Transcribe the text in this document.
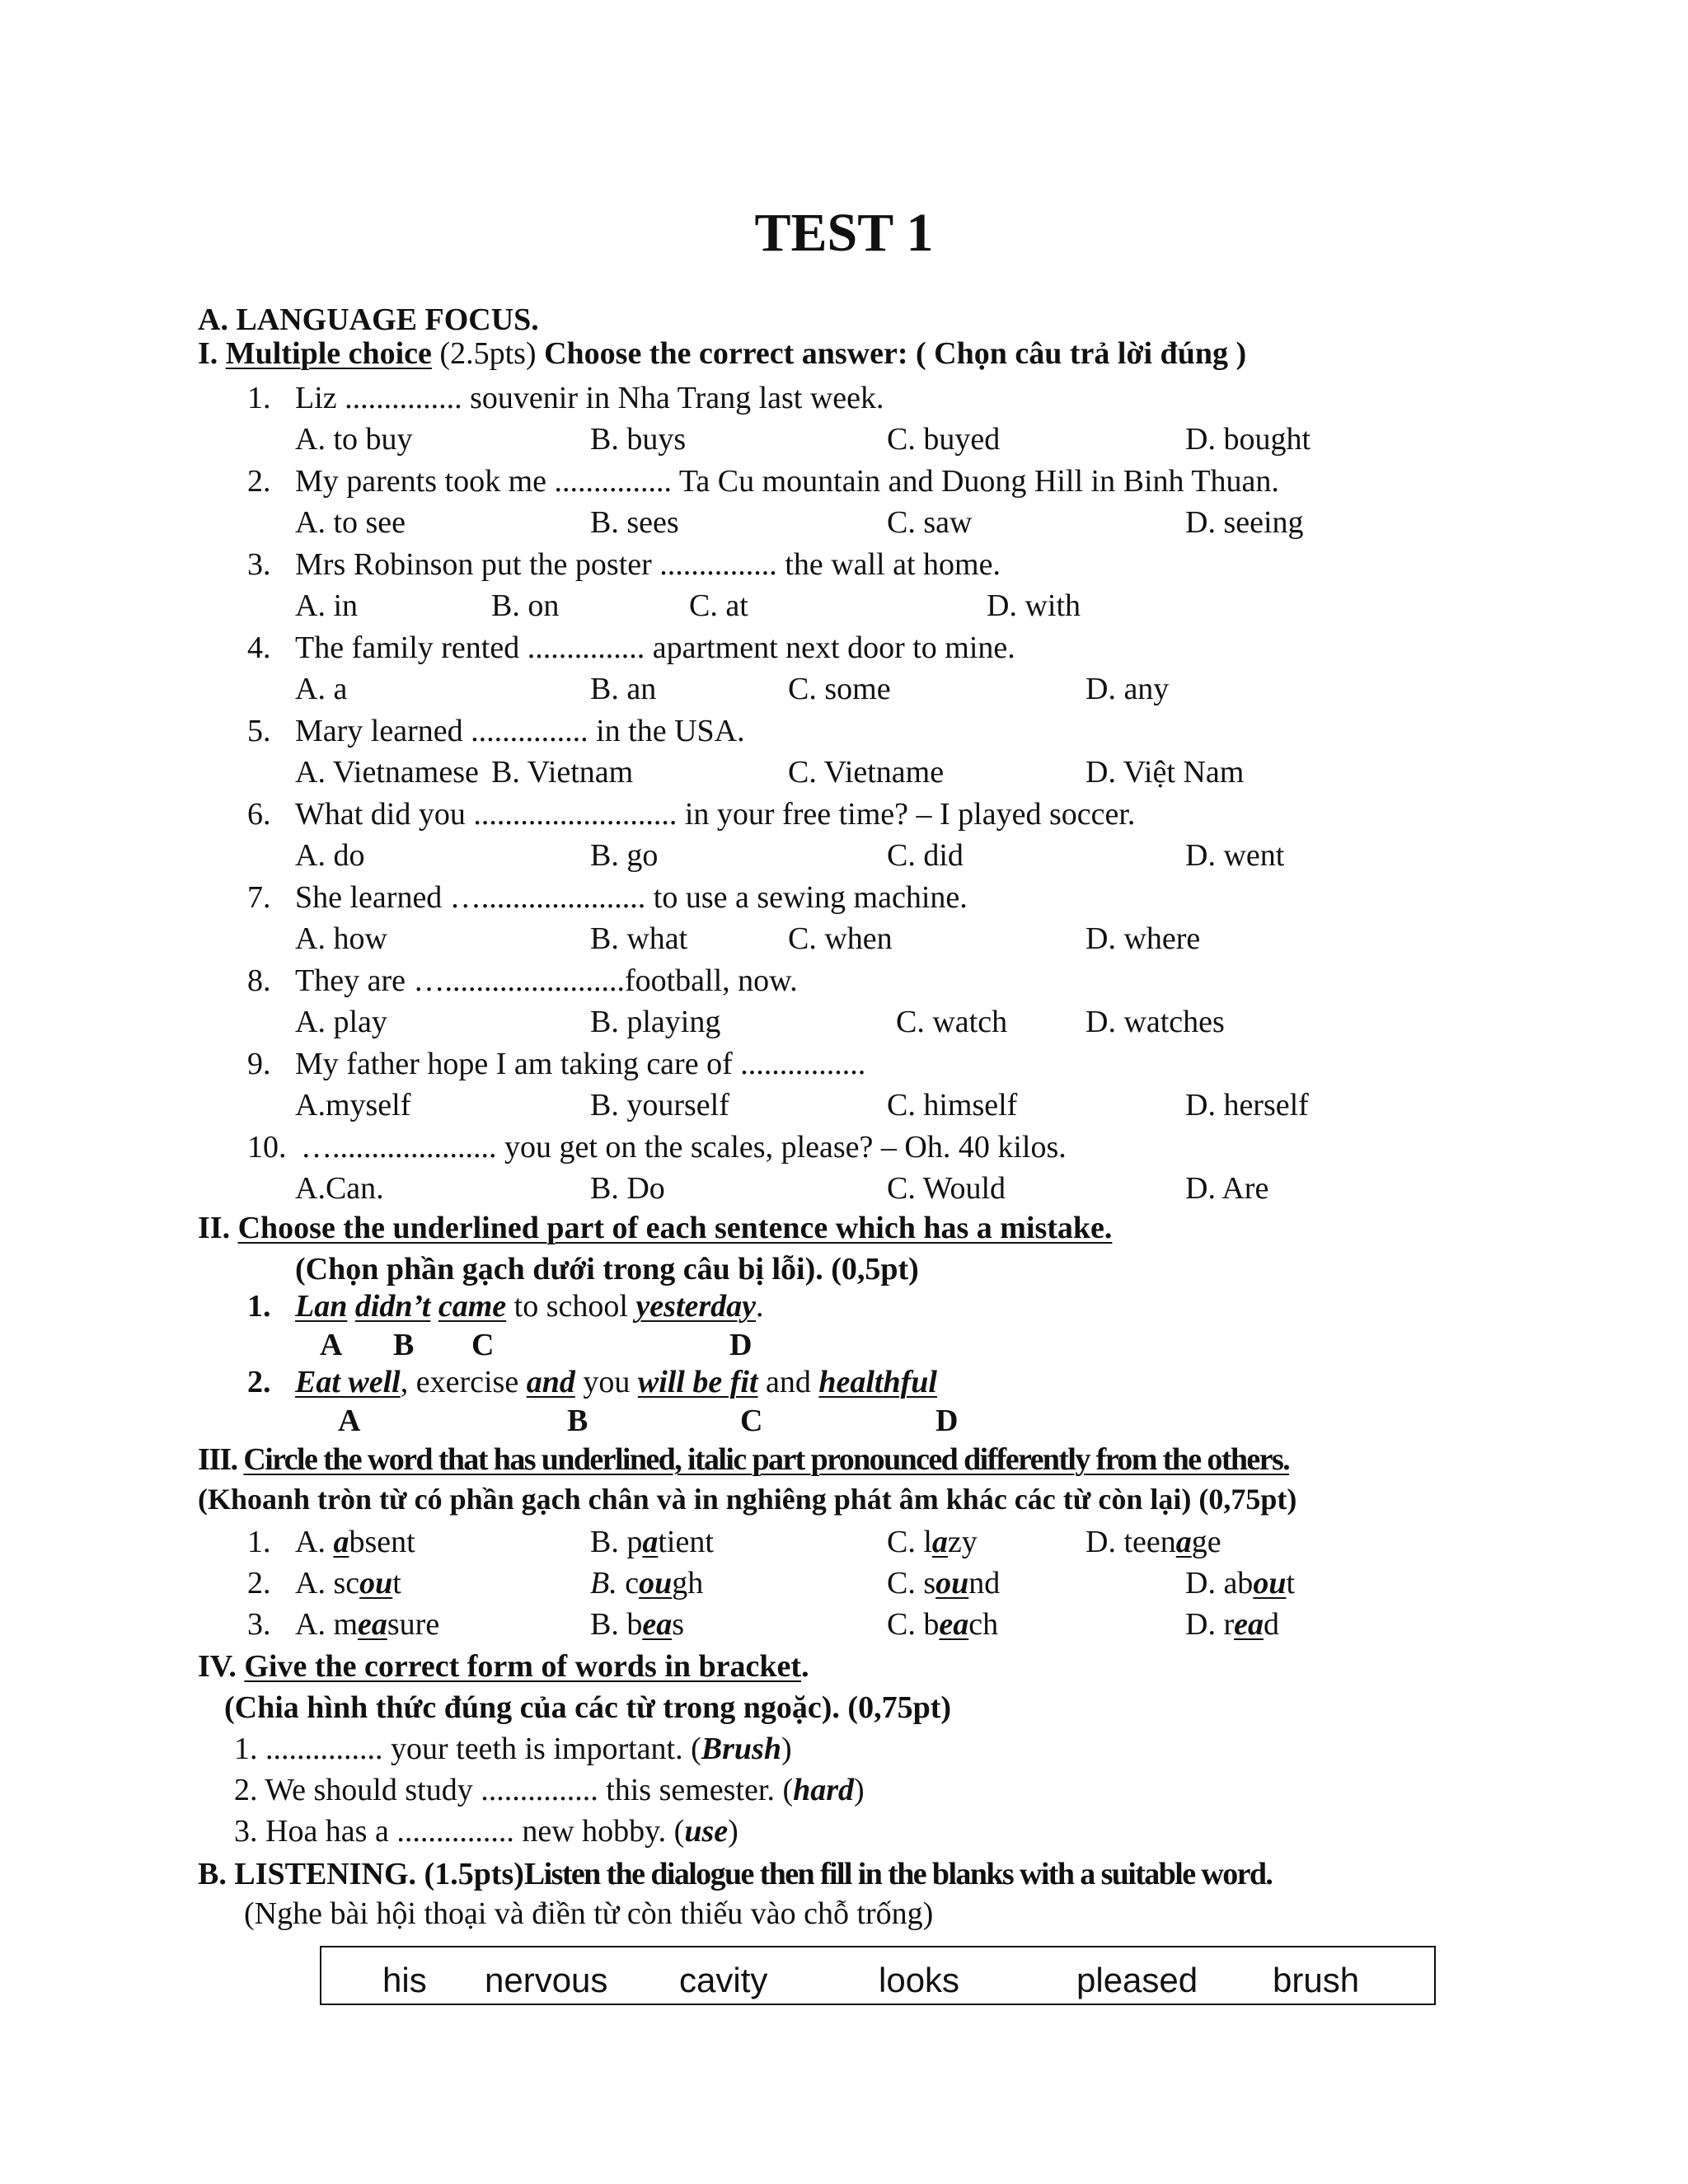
TEST 1
A. LANGUAGE FOCUS.
I. Multiple choice (2.5pts) Choose the correct answer: ( Chọn câu trả lời đúng )
1. Liz ............... souvenir in Nha Trang last week.
A. to buy	B. buys	C. buyed	D. bought
2. My parents took me ............... Ta Cu mountain and Duong Hill in Binh Thuan.
A. to see	B. sees	C. saw	D. seeing
3. Mrs Robinson put the poster ............... the wall at home.
A. in	B. on	C. at	D. with
4. The family rented ............... apartment next door to mine.
A. a	B. an	C. some	D. any
5. Mary learned ............... in the USA.
A. Vietnamese B. Vietnam	C. Vietname	D. Việt Nam
6. What did you .......................... in your free time? – I played soccer.
A. do	B. go	C. did	D. went
7. She learned …..................... to use a sewing machine.
A. how	B. what	C. when	D. where
8. They are ….......................football, now.
A. play	B. playing	C. watch D. watches
9. My father hope I am taking care of ................
A.myself	B. yourself	C. himself	D. herself
10. …..................... you get on the scales, please? – Oh. 40 kilos.
A.Can.	B. Do	C. Would	D. Are
II. Choose the underlined part of each sentence which has a mistake.
(Chọn phần gạch dưới trong câu bị lỗi). (0,5pt)
1. Lan didn’t came to school yesterday.
A B C	D
2. Eat well, exercise and you will be fit and healthful
A	B	C	D
III. Circle the word that has underlined, italic part pronounced differently from the others.
(Khoanh tròn từ có phần gạch chân và in nghiêng phát âm khác các từ còn lại) (0,75pt)
1. A. absent	B. patient	C. lazy	D. teenage
2. A. scout	B. cough	C. sound	D. about
3. A. measure	B. beas	C. beach	D. read
IV. Give the correct form of words in bracket.
(Chia hình thức đúng của các từ trong ngoặc). (0,75pt)
1. ............... your teeth is important. (Brush)
2. We should study ............... this semester. (hard)
3. Hoa has a ............... new hobby. (use)
B. LISTENING. (1.5pts)Listen the dialogue then fill in the blanks with a suitable word.
(Nghe bài hội thoại và điền từ còn thiếu vào chỗ trống)
his nervous cavity	looks	pleased brush
